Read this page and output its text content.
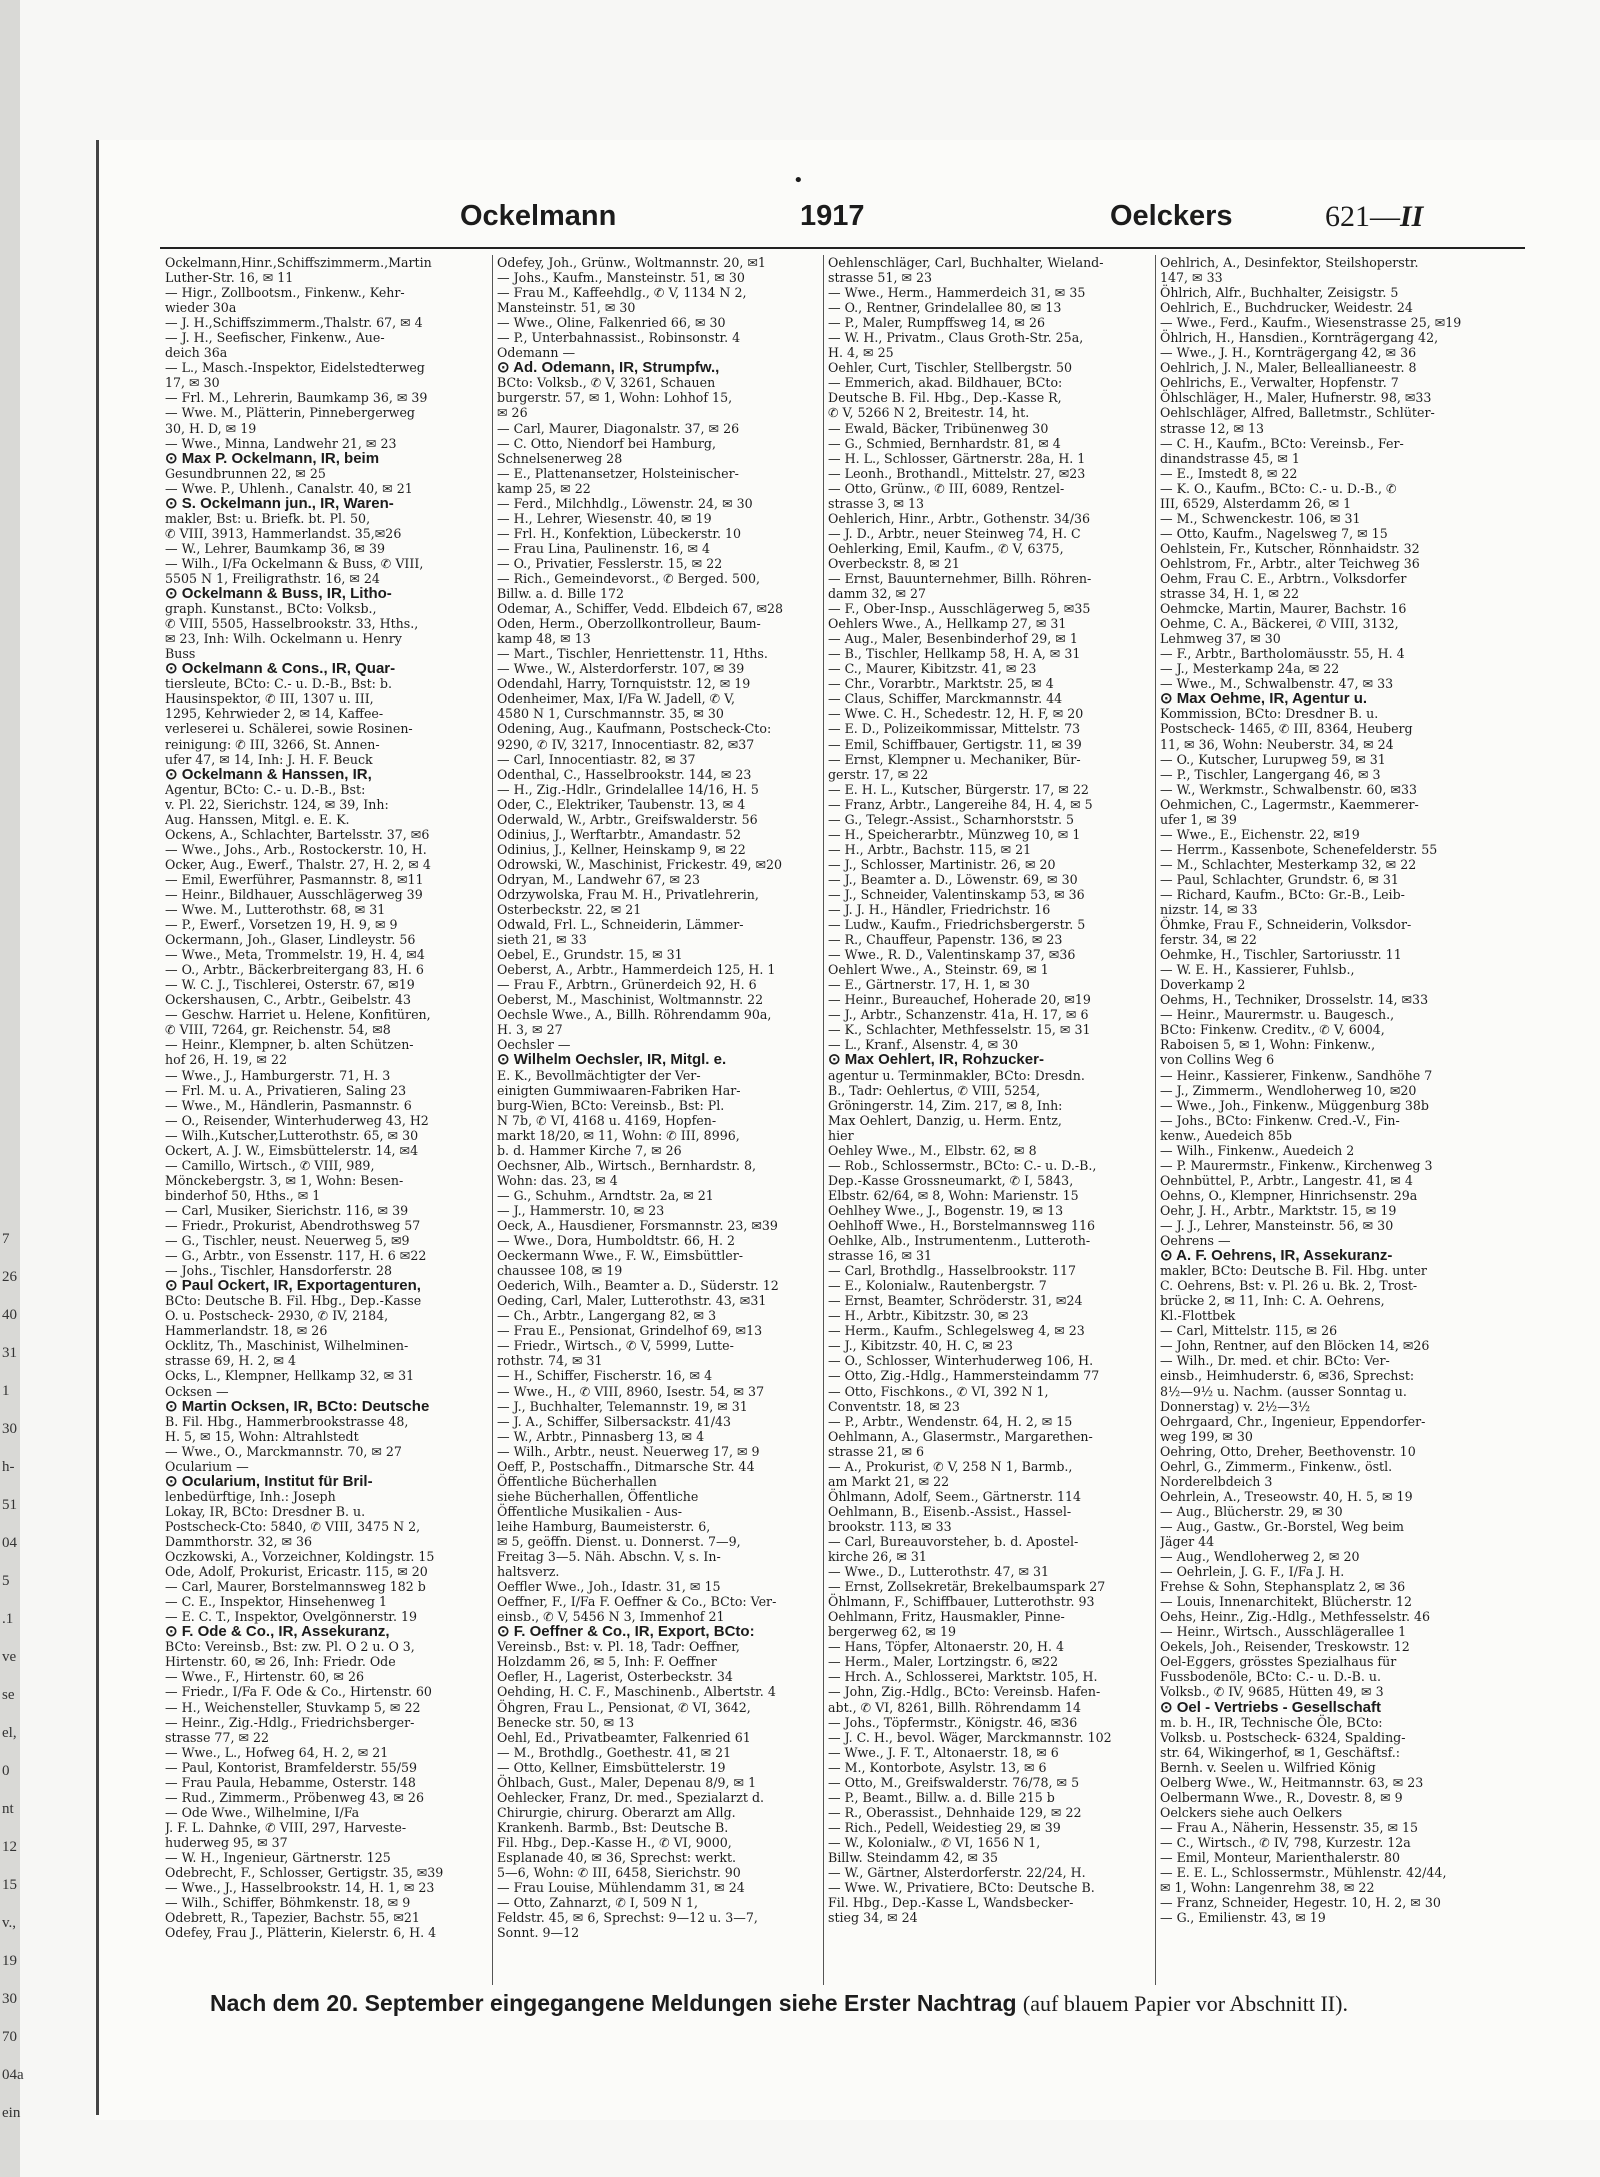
•
7
26
40
31
1
30
h-
51
04
5
.1
ve
se
el,
0
nt
12
15
v.,
19
30
70
04a
ein
Ockelmann	1917	Oelckers	621—II
Ockelmann,Hinr.,Schiffszimmerm.,Martin
Luther-Str. 16, ✉ 11
— Higr., Zollbootsm., Finkenw., Kehr-
wieder 30a
— J. H.,Schiffszimmerm.,Thalstr. 67, ✉ 4
— J. H., Seefischer, Finkenw., Aue-
deich 36a
— L., Masch.-Inspektor, Eidelstedterweg
17, ✉ 30
— Frl. M., Lehrerin, Baumkamp 36, ✉ 39
— Wwe. M., Plätterin, Pinnebergerweg
30, H. D, ✉ 19
— Wwe., Minna, Landwehr 21, ✉ 23
⊙ Max P. Ockelmann, IR, beim
Gesundbrunnen 22, ✉ 25
— Wwe. P., Uhlenh., Canalstr. 40, ✉ 21
⊙ S. Ockelmann jun., IR, Waren-
makler, Bst: u. Briefk. bt. Pl. 50,
✆ VIII, 3913, Hammerlandst. 35,✉26
— W., Lehrer, Baumkamp 36, ✉ 39
— Wilh., I/Fa Ockelmann & Buss, ✆ VIII,
5505 N 1, Freiligrathstr. 16, ✉ 24
⊙ Ockelmann & Buss, IR, Litho-
graph. Kunstanst., BCto: Volksb.,
✆ VIII, 5505, Hasselbrookstr. 33, Hths.,
✉ 23, Inh: Wilh. Ockelmann u. Henry
Buss
⊙ Ockelmann & Cons., IR, Quar-
tiersleute, BCto: C.- u. D.-B., Bst: b.
Hausinspektor, ✆ III, 1307 u. III,
1295, Kehrwieder 2, ✉ 14, Kaffee-
verleserei u. Schälerei, sowie Rosinen-
reinigung: ✆ III, 3266, St. Annen-
ufer 47, ✉ 14, Inh: J. H. F. Beuck
⊙ Ockelmann & Hanssen, IR,
Agentur, BCto: C.- u. D.-B., Bst:
v. Pl. 22, Sierichstr. 124, ✉ 39, Inh:
Aug. Hanssen, Mitgl. e. E. K.
Ockens, A., Schlachter, Bartelsstr. 37, ✉6
— Wwe., Johs., Arb., Rostockerstr. 10, H.
Ocker, Aug., Ewerf., Thalstr. 27, H. 2, ✉ 4
— Emil, Ewerführer, Pasmannstr. 8, ✉11
— Heinr., Bildhauer, Ausschlägerweg 39
— Wwe. M., Lutterothstr. 68, ✉ 31
— P., Ewerf., Vorsetzen 19, H. 9, ✉ 9
Ockermann, Joh., Glaser, Lindleystr. 56
— Wwe., Meta, Trommelstr. 19, H. 4, ✉4
— O., Arbtr., Bäckerbreitergang 83, H. 6
— W. C. J., Tischlerei, Osterstr. 67, ✉19
Ockershausen, C., Arbtr., Geibelstr. 43
— Geschw. Harriet u. Helene, Konfitüren,
✆ VIII, 7264, gr. Reichenstr. 54, ✉8
— Heinr., Klempner, b. alten Schützen-
hof 26, H. 19, ✉ 22
— Wwe., J., Hamburgerstr. 71, H. 3
— Frl. M. u. A., Privatieren, Saling 23
— Wwe., M., Händlerin, Pasmannstr. 6
— O., Reisender, Winterhuderweg 43, H2
— Wilh.,Kutscher,Lutterothstr. 65, ✉ 30
Ockert, A. J. W., Eimsbüttelerstr. 14, ✉4
— Camillo, Wirtsch., ✆ VIII, 989,
Mönckebergstr. 3, ✉ 1, Wohn: Besen-
binderhof 50, Hths., ✉ 1
— Carl, Musiker, Sierichstr. 116, ✉ 39
— Friedr., Prokurist, Abendrothsweg 57
— G., Tischler, neust. Neuerweg 5, ✉9
— G., Arbtr., von Essenstr. 117, H. 6 ✉22
— Johs., Tischler, Hansdorferstr. 28
⊙ Paul Ockert, IR, Exportagenturen,
BCto: Deutsche B. Fil. Hbg., Dep.-Kasse
O. u. Postscheck- 2930, ✆ IV, 2184,
Hammerlandstr. 18, ✉ 26
Ocklitz, Th., Maschinist, Wilhelminen-
strasse 69, H. 2, ✉ 4
Ocks, L., Klempner, Hellkamp 32, ✉ 31
Ocksen —
⊙ Martin Ocksen, IR, BCto: Deutsche
B. Fil. Hbg., Hammerbrookstrasse 48,
H. 5, ✉ 15, Wohn: Altrahlstedt
— Wwe., O., Marckmannstr. 70, ✉ 27
Ocularium —
⊙ Ocularium, Institut für Bril-
lenbedürftige, Inh.: Joseph
Lokay, IR, BCto: Dresdner B. u.
Postscheck-Cto: 5840, ✆ VIII, 3475 N 2,
Dammthorstr. 32, ✉ 36
Oczkowski, A., Vorzeichner, Koldingstr. 15
Ode, Adolf, Prokurist, Ericastr. 115, ✉ 20
— Carl, Maurer, Borstelmannsweg 182 b
— C. E., Inspektor, Hinsehenweg 1
— E. C. T., Inspektor, Ovelgönnerstr. 19
⊙ F. Ode & Co., IR, Assekuranz,
BCto: Vereinsb., Bst: zw. Pl. O 2 u. O 3,
Hirtenstr. 60, ✉ 26, Inh: Friedr. Ode
— Wwe., F., Hirtenstr. 60, ✉ 26
— Friedr., I/Fa F. Ode & Co., Hirtenstr. 60
— H., Weichensteller, Stuvkamp 5, ✉ 22
— Heinr., Zig.-Hdlg., Friedrichsberger-
strasse 77, ✉ 22
— Wwe., L., Hofweg 64, H. 2, ✉ 21
— Paul, Kontorist, Bramfelderstr. 55/59
— Frau Paula, Hebamme, Osterstr. 148
— Rud., Zimmerm., Pröbenweg 43, ✉ 26
— Ode Wwe., Wilhelmine, I/Fa
J. F. L. Dahnke, ✆ VIII, 297, Harveste-
huderweg 95, ✉ 37
— W. H., Ingenieur, Gärtnerstr. 125
Odebrecht, F., Schlosser, Gertigstr. 35, ✉39
— Wwe., J., Hasselbrookstr. 14, H. 1, ✉ 23
— Wilh., Schiffer, Böhmkenstr. 18, ✉ 9
Odebrett, R., Tapezier, Bachstr. 55, ✉21
Odefey, Frau J., Plätterin, Kielerstr. 6, H. 4
Odefey, Joh., Grünw., Woltmannstr. 20, ✉1
— Johs., Kaufm., Mansteinstr. 51, ✉ 30
— Frau M., Kaffeehdlg., ✆ V, 1134 N 2,
Mansteinstr. 51, ✉ 30
— Wwe., Oline, Falkenried 66, ✉ 30
— P., Unterbahnassist., Robinsonstr. 4
Odemann —
⊙ Ad. Odemann, IR, Strumpfw.,
BCto: Volksb., ✆ V, 3261, Schauen
burgerstr. 57, ✉ 1, Wohn: Lohhof 15,
✉ 26
— Carl, Maurer, Diagonalstr. 37, ✉ 26
— C. Otto, Niendorf bei Hamburg,
Schnelsenerweg 28
— E., Plattenansetzer, Holsteinischer-
kamp 25, ✉ 22
— Ferd., Milchhdlg., Löwenstr. 24, ✉ 30
— H., Lehrer, Wiesenstr. 40, ✉ 19
— Frl. H., Konfektion, Lübeckerstr. 10
— Frau Lina, Paulinenstr. 16, ✉ 4
— O., Privatier, Fesslerstr. 15, ✉ 22
— Rich., Gemeindevorst., ✆ Berged. 500,
Billw. a. d. Bille 172
Odemar, A., Schiffer, Vedd. Elbdeich 67, ✉28
Oden, Herm., Oberzollkontrolleur, Baum-
kamp 48, ✉ 13
— Mart., Tischler, Henriettenstr. 11, Hths.
— Wwe., W., Alsterdorferstr. 107, ✉ 39
Odendahl, Harry, Tornquiststr. 12, ✉ 19
Odenheimer, Max, I/Fa W. Jadell, ✆ V,
4580 N 1, Curschmannstr. 35, ✉ 30
Odening, Aug., Kaufmann, Postscheck-Cto:
9290, ✆ IV, 3217, Innocentiastr. 82, ✉37
— Carl, Innocentiastr. 82, ✉ 37
Odenthal, C., Hasselbrookstr. 144, ✉ 23
— H., Zig.-Hdlr., Grindelallee 14/16, H. 5
Oder, C., Elektriker, Taubenstr. 13, ✉ 4
Oderwald, W., Arbtr., Greifswalderstr. 56
Odinius, J., Werftarbtr., Amandastr. 52
Odinius, J., Kellner, Heinskamp 9, ✉ 22
Odrowski, W., Maschinist, Frickestr. 49, ✉20
Odryan, M., Landwehr 67, ✉ 23
Odrzywolska, Frau M. H., Privatlehrerin,
Osterbeckstr. 22, ✉ 21
Odwald, Frl. L., Schneiderin, Lämmer-
sieth 21, ✉ 33
Oebel, E., Grundstr. 15, ✉ 31
Oeberst, A., Arbtr., Hammerdeich 125, H. 1
— Frau F., Arbtrn., Grünerdeich 92, H. 6
Oeberst, M., Maschinist, Woltmannstr. 22
Oechsle Wwe., A., Billh. Röhrendamm 90a,
H. 3, ✉ 27
Oechsler —
⊙ Wilhelm Oechsler, IR, Mitgl. e.
E. K., Bevollmächtigter der Ver-
einigten Gummiwaaren-Fabriken Har-
burg-Wien, BCto: Vereinsb., Bst: Pl.
N 7b, ✆ VI, 4168 u. 4169, Hopfen-
markt 18/20, ✉ 11, Wohn: ✆ III, 8996,
b. d. Hammer Kirche 7, ✉ 26
Oechsner, Alb., Wirtsch., Bernhardstr. 8,
Wohn: das. 23, ✉ 4
— G., Schuhm., Arndtstr. 2a, ✉ 21
— J., Hammerstr. 10, ✉ 23
Oeck, A., Hausdiener, Forsmannstr. 23, ✉39
— Wwe., Dora, Humboldtstr. 66, H. 2
Oeckermann Wwe., F. W., Eimsbüttler-
chaussee 108, ✉ 19
Oederich, Wilh., Beamter a. D., Süderstr. 12
Oeding, Carl, Maler, Lutterothstr. 43, ✉31
— Ch., Arbtr., Langergang 82, ✉ 3
— Frau E., Pensionat, Grindelhof 69, ✉13
— Friedr., Wirtsch., ✆ V, 5999, Lutte-
rothstr. 74, ✉ 31
— H., Schiffer, Fischerstr. 16, ✉ 4
— Wwe., H., ✆ VIII, 8960, Isestr. 54, ✉ 37
— J., Buchhalter, Telemannstr. 19, ✉ 31
— J. A., Schiffer, Silbersackstr. 41/43
— W., Arbtr., Pinnasberg 13, ✉ 4
— Wilh., Arbtr., neust. Neuerweg 17, ✉ 9
Oeff, P., Postschaffn., Ditmarsche Str. 44
Öffentliche Bücherhallen
siehe Bücherhallen, Öffentliche
Öffentliche Musikalien - Aus-
leihe Hamburg, Baumeisterstr. 6,
✉ 5, geöffn. Dienst. u. Donnerst. 7—9,
Freitag 3—5. Näh. Abschn. V, s. In-
haltsverz.
Oeffler Wwe., Joh., Idastr. 31, ✉ 15
Oeffner, F., I/Fa F. Oeffner & Co., BCto: Ver-
einsb., ✆ V, 5456 N 3, Immenhof 21
⊙ F. Oeffner & Co., IR, Export, BCto:
Vereinsb., Bst: v. Pl. 18, Tadr: Oeffner,
Holzdamm 26, ✉ 5, Inh: F. Oeffner
Oefler, H., Lagerist, Osterbeckstr. 34
Oehding, H. C. F., Maschinenb., Albertstr. 4
Öhgren, Frau L., Pensionat, ✆ VI, 3642,
Benecke str. 50, ✉ 13
Oehl, Ed., Privatbeamter, Falkenried 61
— M., Brothdlg., Goethestr. 41, ✉ 21
— Otto, Kellner, Eimsbüttelerstr. 19
Öhlbach, Gust., Maler, Depenau 8/9, ✉ 1
Oehlecker, Franz, Dr. med., Spezialarzt d.
Chirurgie, chirurg. Oberarzt am Allg.
Krankenh. Barmb., Bst: Deutsche B.
Fil. Hbg., Dep.-Kasse H., ✆ VI, 9000,
Esplanade 40, ✉ 36, Sprechst: werkt.
5—6, Wohn: ✆ III, 6458, Sierichstr. 90
— Frau Louise, Mühlendamm 31, ✉ 24
— Otto, Zahnarzt, ✆ I, 509 N 1,
Feldstr. 45, ✉ 6, Sprechst: 9—12 u. 3—7,
Sonnt. 9—12
Oehlenschläger, Carl, Buchhalter, Wieland-
strasse 51, ✉ 23
— Wwe., Herm., Hammerdeich 31, ✉ 35
— O., Rentner, Grindelallee 80, ✉ 13
— P., Maler, Rumpffsweg 14, ✉ 26
— W. H., Privatm., Claus Groth-Str. 25a,
H. 4, ✉ 25
Oehler, Curt, Tischler, Stellbergstr. 50
— Emmerich, akad. Bildhauer, BCto:
Deutsche B. Fil. Hbg., Dep.-Kasse R,
✆ V, 5266 N 2, Breitestr. 14, ht.
— Ewald, Bäcker, Tribünenweg 30
— G., Schmied, Bernhardstr. 81, ✉ 4
— H. L., Schlosser, Gärtnerstr. 28a, H. 1
— Leonh., Brothandl., Mittelstr. 27, ✉23
— Otto, Grünw., ✆ III, 6089, Rentzel-
strasse 3, ✉ 13
Oehlerich, Hinr., Arbtr., Gothenstr. 34/36
— J. D., Arbtr., neuer Steinweg 74, H. C
Oehlerking, Emil, Kaufm., ✆ V, 6375,
Overbeckstr. 8, ✉ 21
— Ernst, Bauunternehmer, Billh. Röhren-
damm 32, ✉ 27
— F., Ober-Insp., Ausschlägerweg 5, ✉35
Oehlers Wwe., A., Hellkamp 27, ✉ 31
— Aug., Maler, Besenbinderhof 29, ✉ 1
— B., Tischler, Hellkamp 58, H. A, ✉ 31
— C., Maurer, Kibitzstr. 41, ✉ 23
— Chr., Vorarbtr., Marktstr. 25, ✉ 4
— Claus, Schiffer, Marckmannstr. 44
— Wwe. C. H., Schedestr. 12, H. F, ✉ 20
— E. D., Polizeikommissar, Mittelstr. 73
— Emil, Schiffbauer, Gertigstr. 11, ✉ 39
— Ernst, Klempner u. Mechaniker, Bür-
gerstr. 17, ✉ 22
— E. H. L., Kutscher, Bürgerstr. 17, ✉ 22
— Franz, Arbtr., Langereihe 84, H. 4, ✉ 5
— G., Telegr.-Assist., Scharnhorststr. 5
— H., Speicherarbtr., Münzweg 10, ✉ 1
— H., Arbtr., Bachstr. 115, ✉ 21
— J., Schlosser, Martinistr. 26, ✉ 20
— J., Beamter a. D., Löwenstr. 69, ✉ 30
— J., Schneider, Valentinskamp 53, ✉ 36
— J. J. H., Händler, Friedrichstr. 16
— Ludw., Kaufm., Friedrichsbergerstr. 5
— R., Chauffeur, Papenstr. 136, ✉ 23
— Wwe., R. D., Valentinskamp 37, ✉36
Oehlert Wwe., A., Steinstr. 69, ✉ 1
— E., Gärtnerstr. 17, H. 1, ✉ 30
— Heinr., Bureauchef, Hoherade 20, ✉19
— J., Arbtr., Schanzenstr. 41a, H. 17, ✉ 6
— K., Schlachter, Methfesselstr. 15, ✉ 31
— L., Kranf., Alsenstr. 4, ✉ 30
⊙ Max Oehlert, IR, Rohzucker-
agentur u. Terminmakler, BCto: Dresdn.
B., Tadr: Oehlertus, ✆ VIII, 5254,
Gröningerstr. 14, Zim. 217, ✉ 8, Inh:
Max Oehlert, Danzig, u. Herm. Entz,
hier
Oehley Wwe., M., Elbstr. 62, ✉ 8
— Rob., Schlossermstr., BCto: C.- u. D.-B.,
Dep.-Kasse Grossneumarkt, ✆ I, 5843,
Elbstr. 62/64, ✉ 8, Wohn: Marienstr. 15
Oehlhey Wwe., J., Bogenstr. 19, ✉ 13
Oehlhoff Wwe., H., Borstelmannsweg 116
Oehlke, Alb., Instrumentenm., Lutteroth-
strasse 16, ✉ 31
— Carl, Brothdlg., Hasselbrookstr. 117
— E., Kolonialw., Rautenbergstr. 7
— Ernst, Beamter, Schröderstr. 31, ✉24
— H., Arbtr., Kibitzstr. 30, ✉ 23
— Herm., Kaufm., Schlegelsweg 4, ✉ 23
— J., Kibitzstr. 40, H. C, ✉ 23
— O., Schlosser, Winterhuderweg 106, H.
— Otto, Zig.-Hdlg., Hammersteindamm 77
— Otto, Fischkons., ✆ VI, 392 N 1,
Conventstr. 18, ✉ 23
— P., Arbtr., Wendenstr. 64, H. 2, ✉ 15
Oehlmann, A., Glasermstr., Margarethen-
strasse 21, ✉ 6
— A., Prokurist, ✆ V, 258 N 1, Barmb.,
am Markt 21, ✉ 22
Öhlmann, Adolf, Seem., Gärtnerstr. 114
Oehlmann, B., Eisenb.-Assist., Hassel-
brookstr. 113, ✉ 33
— Carl, Bureauvorsteher, b. d. Apostel-
kirche 26, ✉ 31
— Wwe., D., Lutterothstr. 47, ✉ 31
— Ernst, Zollsekretär, Brekelbaumspark 27
Öhlmann, F., Schiffbauer, Lutterothstr. 93
Oehlmann, Fritz, Hausmakler, Pinne-
bergerweg 62, ✉ 19
— Hans, Töpfer, Altonaerstr. 20, H. 4
— Herm., Maler, Lortzingstr. 6, ✉22
— Hrch. A., Schlosserei, Marktstr. 105, H.
— John, Zig.-Hdlg., BCto: Vereinsb. Hafen-
abt., ✆ VI, 8261, Billh. Röhrendamm 14
— Johs., Töpfermstr., Königstr. 46, ✉36
— J. C. H., bevol. Wäger, Marckmannstr. 102
— Wwe., J. F. T., Altonaerstr. 18, ✉ 6
— M., Kontorbote, Asylstr. 13, ✉ 6
— Otto, M., Greifswalderstr. 76/78, ✉ 5
— P., Beamt., Billw. a. d. Bille 215 b
— R., Oberassist., Dehnhaide 129, ✉ 22
— Rich., Pedell, Weidestieg 29, ✉ 39
— W., Kolonialw., ✆ VI, 1656 N 1,
Billw. Steindamm 42, ✉ 35
— W., Gärtner, Alsterdorferstr. 22/24, H.
— Wwe. W., Privatiere, BCto: Deutsche B.
Fil. Hbg., Dep.-Kasse L, Wandsbecker-
stieg 34, ✉ 24
Oehlrich, A., Desinfektor, Steilshoperstr.
147, ✉ 33
Öhlrich, Alfr., Buchhalter, Zeisigstr. 5
Oehlrich, E., Buchdrucker, Weidestr. 24
— Wwe., Ferd., Kaufm., Wiesenstrasse 25, ✉19
Öhlrich, H., Hansdien., Kornträgergang 42,
— Wwe., J. H., Kornträgergang 42, ✉ 36
Oehlrich, J. N., Maler, Belleallianeestr. 8
Oehlrichs, E., Verwalter, Hopfenstr. 7
Öhlschläger, H., Maler, Hufnerstr. 98, ✉33
Oehlschläger, Alfred, Balletmstr., Schlüter-
strasse 12, ✉ 13
— C. H., Kaufm., BCto: Vereinsb., Fer-
dinandstrasse 45, ✉ 1
— E., Imstedt 8, ✉ 22
— K. O., Kaufm., BCto: C.- u. D.-B., ✆
III, 6529, Alsterdamm 26, ✉ 1
— M., Schwenckestr. 106, ✉ 31
— Otto, Kaufm., Nagelsweg 7, ✉ 15
Oehlstein, Fr., Kutscher, Rönnhaidstr. 32
Oehlstrom, Fr., Arbtr., alter Teichweg 36
Oehm, Frau C. E., Arbtrn., Volksdorfer
strasse 34, H. 1, ✉ 22
Oehmcke, Martin, Maurer, Bachstr. 16
Oehme, C. A., Bäckerei, ✆ VIII, 3132,
Lehmweg 37, ✉ 30
— F., Arbtr., Bartholomäusstr. 55, H. 4
— J., Mesterkamp 24a, ✉ 22
— Wwe., M., Schwalbenstr. 47, ✉ 33
⊙ Max Oehme, IR, Agentur u.
Kommission, BCto: Dresdner B. u.
Postscheck- 1465, ✆ III, 8364, Heuberg
11, ✉ 36, Wohn: Neuberstr. 34, ✉ 24
— O., Kutscher, Lurupweg 59, ✉ 31
— P., Tischler, Langergang 46, ✉ 3
— W., Werkmstr., Schwalbenstr. 60, ✉33
Oehmichen, C., Lagermstr., Kaemmerer-
ufer 1, ✉ 39
— Wwe., E., Eichenstr. 22, ✉19
— Herrm., Kassenbote, Schenefelderstr. 55
— M., Schlachter, Mesterkamp 32, ✉ 22
— Paul, Schlachter, Grundstr. 6, ✉ 31
— Richard, Kaufm., BCto: Gr.-B., Leib-
nizstr. 14, ✉ 33
Öhmke, Frau F., Schneiderin, Volksdor-
ferstr. 34, ✉ 22
Oehmke, H., Tischler, Sartoriusstr. 11
— W. E. H., Kassierer, Fuhlsb.,
Doverkamp 2
Oehms, H., Techniker, Drosselstr. 14, ✉33
— Heinr., Maurermstr. u. Baugesch.,
BCto: Finkenw. Creditv., ✆ V, 6004,
Raboisen 5, ✉ 1, Wohn: Finkenw.,
von Collins Weg 6
— Heinr., Kassierer, Finkenw., Sandhöhe 7
— J., Zimmerm., Wendloherweg 10, ✉20
— Wwe., Joh., Finkenw., Müggenburg 38b
— Johs., BCto: Finkenw. Cred.-V., Fin-
kenw., Auedeich 85b
— Wilh., Finkenw., Auedeich 2
— P. Maurermstr., Finkenw., Kirchenweg 3
Oehnbüttel, P., Arbtr., Langestr. 41, ✉ 4
Oehns, O., Klempner, Hinrichsenstr. 29a
Oehr, J. H., Arbtr., Marktstr. 15, ✉ 19
— J. J., Lehrer, Mansteinstr. 56, ✉ 30
Oehrens —
⊙ A. F. Oehrens, IR, Assekuranz-
makler, BCto: Deutsche B. Fil. Hbg. unter
C. Oehrens, Bst: v. Pl. 26 u. Bk. 2, Trost-
brücke 2, ✉ 11, Inh: C. A. Oehrens,
Kl.-Flottbek
— Carl, Mittelstr. 115, ✉ 26
— John, Rentner, auf den Blöcken 14, ✉26
— Wilh., Dr. med. et chir. BCto: Ver-
einsb., Heimhuderstr. 6, ✉36, Sprechst:
8½—9½ u. Nachm. (ausser Sonntag u.
Donnerstag) v. 2½—3½
Oehrgaard, Chr., Ingenieur, Eppendorfer-
weg 199, ✉ 30
Oehring, Otto, Dreher, Beethovenstr. 10
Oehrl, G., Zimmerm., Finkenw., östl.
Norderelbdeich 3
Oehrlein, A., Treseowstr. 40, H. 5, ✉ 19
— Aug., Blücherstr. 29, ✉ 30
— Aug., Gastw., Gr.-Borstel, Weg beim
Jäger 44
— Aug., Wendloherweg 2, ✉ 20
— Oehrlein, J. G. F., I/Fa J. H.
Frehse & Sohn, Stephansplatz 2, ✉ 36
— Louis, Innenarchitekt, Blücherstr. 12
Oehs, Heinr., Zig.-Hdlg., Methfesselstr. 46
— Heinr., Wirtsch., Ausschlägerallee 1
Oekels, Joh., Reisender, Treskowstr. 12
Oel-Eggers, grösstes Spezialhaus für
Fussbodenöle, BCto: C.- u. D.-B. u.
Volksb., ✆ IV, 9685, Hütten 49, ✉ 3
⊙ Oel - Vertriebs - Gesellschaft
m. b. H., IR, Technische Öle, BCto:
Volksb. u. Postscheck- 6324, Spalding-
str. 64, Wikingerhof, ✉ 1, Geschäftsf.:
Bernh. v. Seelen u. Wilfried König
Oelberg Wwe., W., Heitmannstr. 63, ✉ 23
Oelbermann Wwe., R., Dovestr. 8, ✉ 9
Oelckers siehe auch Oelkers
— Frau A., Näherin, Hessenstr. 35, ✉ 15
— C., Wirtsch., ✆ IV, 798, Kurzestr. 12a
— Emil, Monteur, Marienthalerstr. 80
— E. E. L., Schlossermstr., Mühlenstr. 42/44,
✉ 1, Wohn: Langenrehm 38, ✉ 22
— Franz, Schneider, Hegestr. 10, H. 2, ✉ 30
— G., Emilienstr. 43, ✉ 19
Nach dem 20. September eingegangene Meldungen siehe Erster Nachtrag (auf blauem Papier vor Abschnitt II).
